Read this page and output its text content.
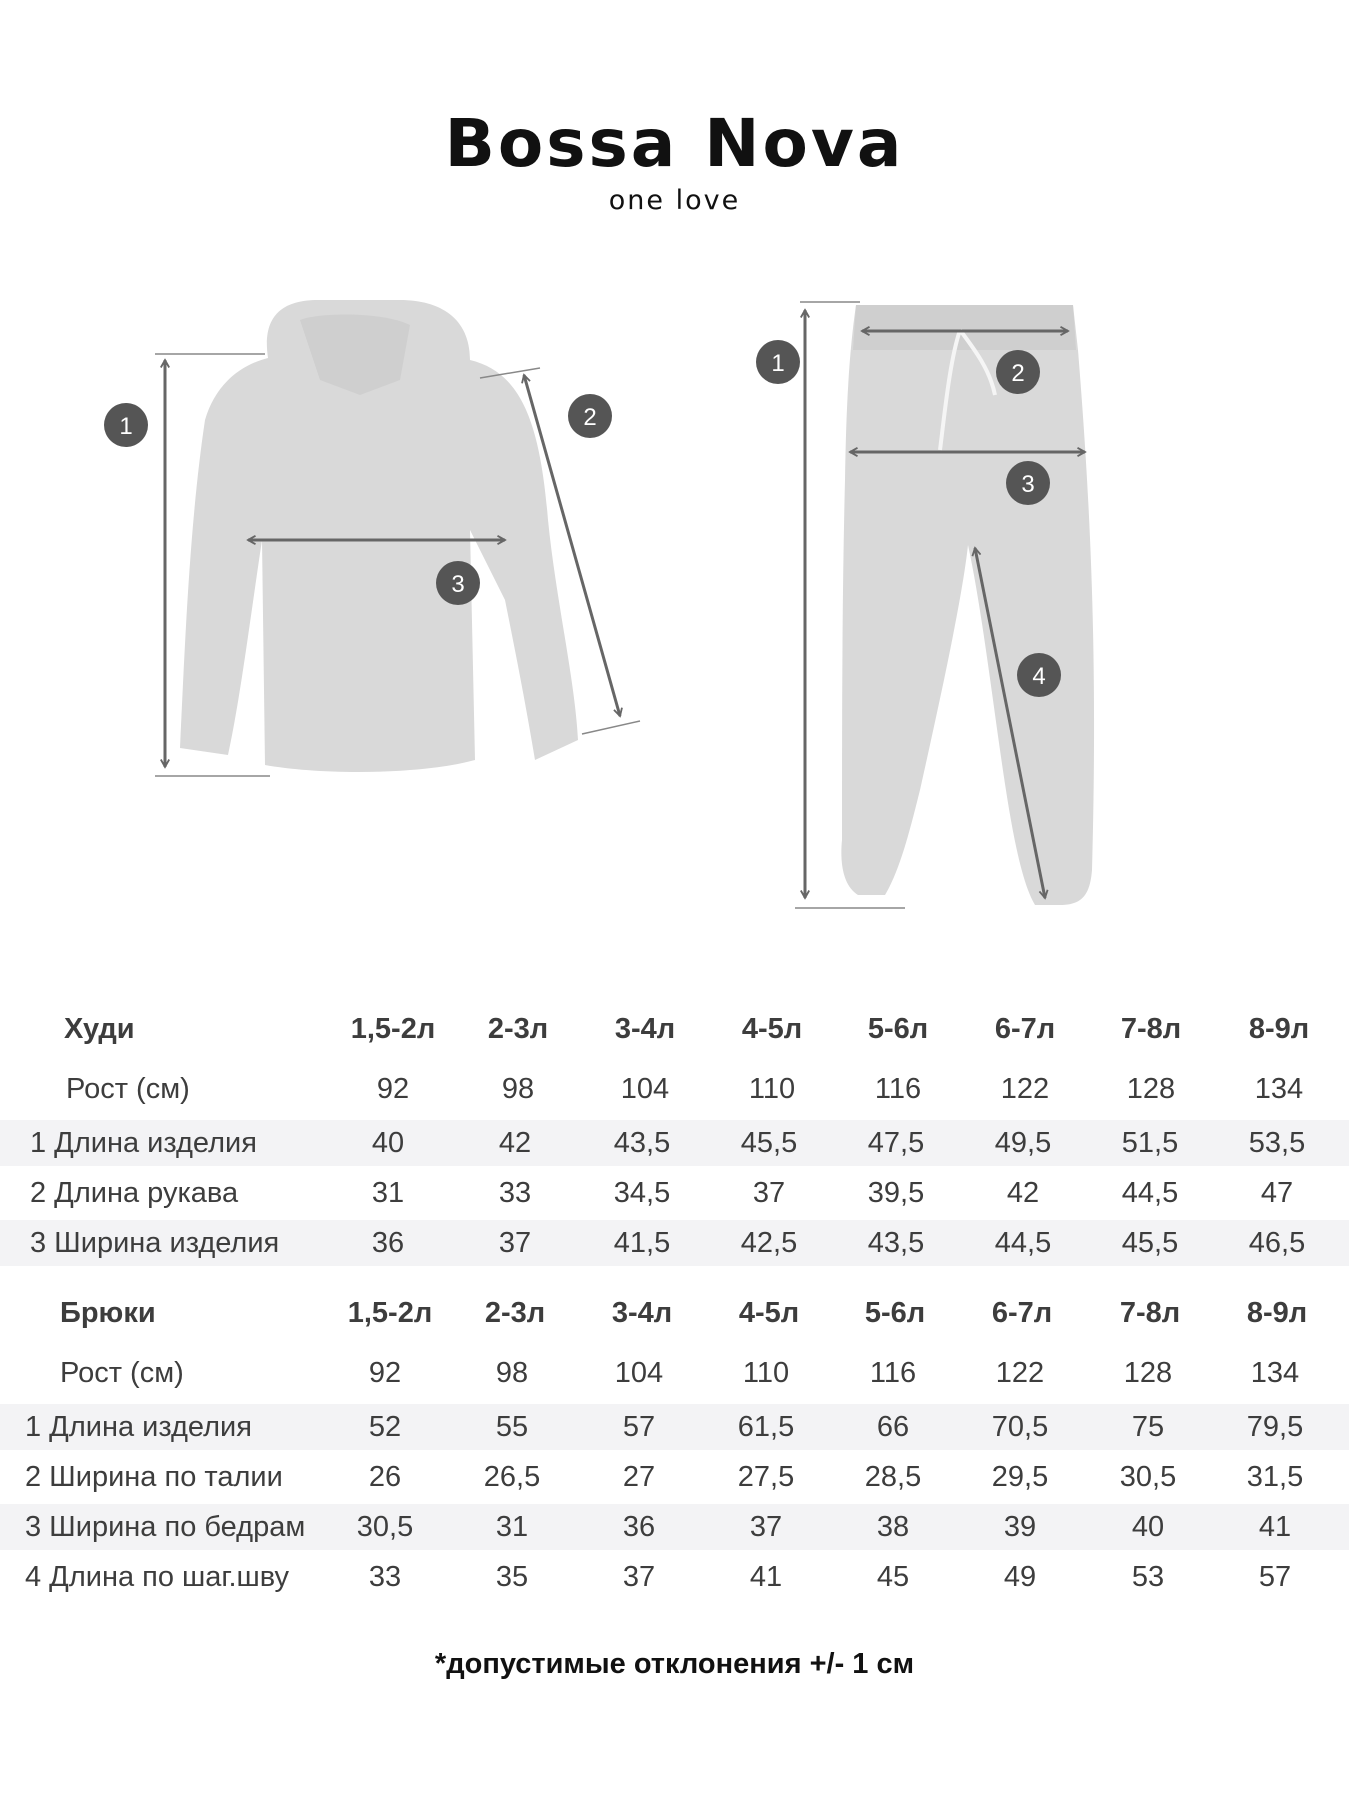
Bossa Nova
one love
1	2
3
1	2
3
4
Худи	1,5-2л	2-3л	3-4л	4-5л	5-6л	6-7л	7-8л	8-9л
Рост (см)	92	98	104	110	116	122	128	134
1 Длина изделия	40	42	43,5	45,5	47,5	49,5	51,5	53,5
2 Длина рукава	31	33	34,5	37	39,5	42	44,5	47
3 Ширина изделия	36	37	41,5	42,5	43,5	44,5	45,5	46,5
Брюки	1,5-2л	2-3л	3-4л	4-5л	5-6л	6-7л	7-8л	8-9л
Рост (см)	92	98	104	110	116	122	128	134
1 Длина изделия	52	55	57	61,5	66	70,5	75	79,5
2 Ширина по талии	26	26,5	27	27,5	28,5	29,5	30,5	31,5
3 Ширина по бедрам	30,5	31	36	37	38	39	40	41
4 Длина по шаг.шву	33	35	37	41	45	49	53	57
*допустимые отклонения +/- 1 см
